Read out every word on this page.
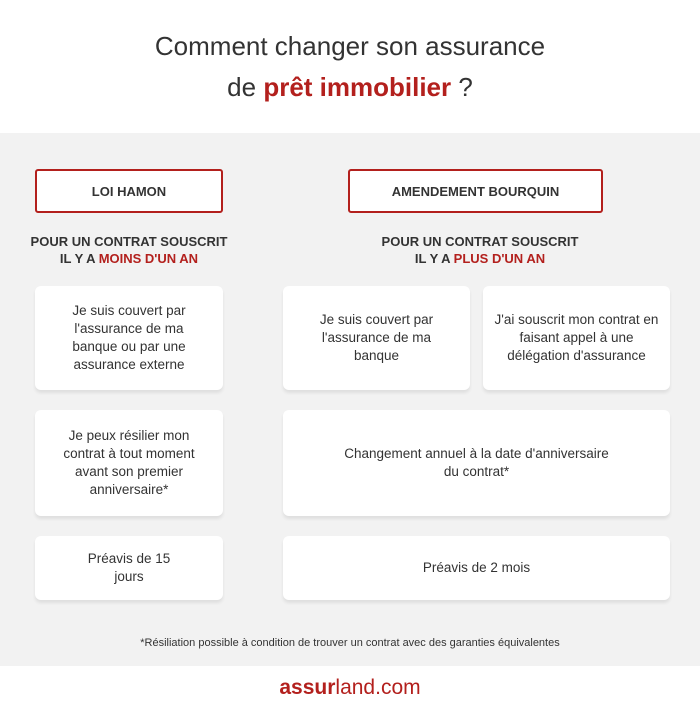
Comment changer son assurance
de prêt immobilier ?
LOI HAMON	AMENDEMENT BOURQUIN
POUR UN CONTRAT SOUSCRIT
IL Y A MOINS D'UN AN
POUR UN CONTRAT SOUSCRIT
IL Y A PLUS D'UN AN
Je suis couvert par l'assurance de ma banque ou par une assurance externe
Je peux résilier mon contrat à tout moment avant son premier anniversaire*
Préavis de 15 jours
Je suis couvert par l'assurance de ma banque
J'ai souscrit mon contrat en faisant appel à une délégation d'assurance
Changement annuel à la date d'anniversaire du contrat*
Préavis de 2 mois
*Résiliation possible à condition de trouver un contrat avec des garanties équivalentes
assurland.com
